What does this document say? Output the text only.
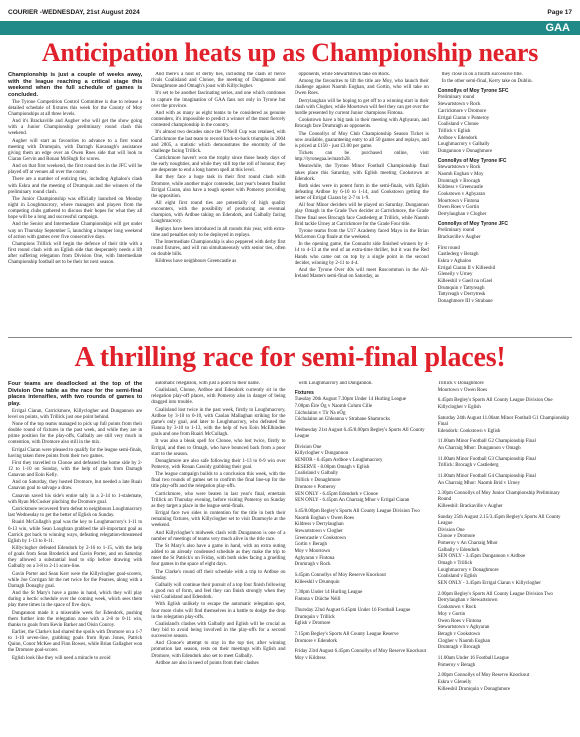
COURIER -WEDNESDAY, 21st August 2024	Page 17
GAA
Anticipation heats up as Championship nears

Championship is just a couple of weeks away, with the league reaching a critical stage this weekend when the full schedule of games is concluded.

The Tyrone Competition Control Committee is due to release a detailed schedule of fixtures this week for the County of Moy Championships at all three levels.

And it's Brackaville and Augher who will get the show going with a Junior Championship preliminary round clash this weekend.

Augher will start as favourites to advance to a first round meeting with Drumquin, with Darragh Kavanagh's assistance giving them an edge over an Owen Roes side that will look to Ciaran Gervin and Ronan McHugh for scores.

And on that first weekend, the first round ties in the JFC will be played off at venues all over the county.

There are a number of enticing ties, including Aghaloo's clash with Eskra and the meeting of Drumquin and the winners of the preliminary round clash.

The Junior Championship was officially launched on Monday night in Loughmacrory, where managers and players from the competing clubs gathered to discuss their hopes for what they all hope will be a long and successful campaign.

And the Senior and Intermediate Championships will get under way on Thursday September 5, launching a bumper long weekend of action with games over five consecutive days.

Champions Trillick will begin the defence of their title with a first round clash with an Eglish side that desperately needs a lift after suffering relegation from Division One, with Intermediate Championship football set to be their lot next season.

And there's a host of derby ties, including the clash of fierce rivals Coalisland and Clonoe, the meeting of Dungannon and Donaghmore and Omagh's joust with Killyclogher.

It's set to be another fascinating series, and one which continues to capture the imagination of GAA fans not only in Tyrone but over the province.

And with as many as eight teams to be considered as genuine contenders, it's impossible to predict a winner of the most fiercely contested championship in the country.

It's almost two decades since the O'Neill Cup was retained, with Carrickmore the last team to record back-to-back triumphs in 2004 and 2005, a statistic which demonstrates the enormity of the challenge facing Trillick.

Carrickmore haven't won the trophy since those heady days of the early noughties, and while they still top the roll of honour, they are desperate to end a long barren spell at this level.

But they face a huge task in their first round clash with Dromore, while another major contender, last year's beaten finalist Errigal Ciaran, also have a tough opener with Pomeroy providing the opposition.

All eight first round ties are potentially of high quality encounters, with the possibility of producing an eventual champion, with Ardboe taking on Edendork, and Galbally facing Loughmacrory.

Replays have been introduced in all rounds this year, with extra-time and penalties only to be deployed in replays.

The Intermediate Championship is also peppered with derby first round fixtures, and will run simultaneously with senior ties, often on double bills.

Kildress have neighbours Greencastle as

opponents, while Stewartstown take on Rock.

Among the favourites to lift the title are Moy, who launch their challenge against Naomh Eoghan, and Gortin, who will take on Owen Roes.

Derrylaughan will be hoping to get off to a winning start in their clash with Clogher, while Moortown will feel they can get over the hurdle presented by current Junior champions Fintona.

Cookstown have a big task in their meeting with Aghyaran, and Brocagh face Drumragh as opponents.

The Connollys of Moy Club Championship Season Ticket is now available, guaranteeing entry to all 50 games and replays, and is priced at £150 - just £3.00 per game.

Tickets can be purchased online, visit http://tyronegaa.ie/match28.

Meanwhile, the Tyrone Minor Football Championship final takes place this Saturday, with Eglish meeting Cookstown at Edendork.

Both sides were in potent form in the semi-finals, with Eglish defeating Ardboe by 6-10 to 1-14, and Cookstown getting the better of Errigal Ciaran by 2-7 to 1-9.

All four Minor deciders will be played on Saturday. Dungannon play Omagh in the Grade Two decider at Carrickmore, the Grade Three final sees Brocagh face Castlederg at Trillick, while Naomh Brid tackle Urney at Carrickmore for the Grade Four title.

Tyrone teams from the U17 Academy faced Mayo in the Brian McLernon Cup finale at the weekend.

In the opening game, the Connacht side finished winners by 4-14 to 4-13 at the end of an extra-time thriller, but it was the Red Hands who came out on top by a single point in the second decider, winning by 2-11 to 4-4.

And the Tyrone Over 40s will meet Roscommon in the All-Ireland Masters semi-final on Saturday, as

they close in on a fourth successive title.

In the other semi-final, Kerry take on Dublin.

Connollys of Moy Tyrone SFC

Preliminary round

Stewartstown v Rock

Carrickmore v Dromore

Errigal Ciaran v Pomeroy

Coalisland v Clonoe

Trillick v Eglish

Ardboe v Edendork

Loughmacrory v Galbally

Dungannon v Donaghmore

Connollys of Moy Tyrone IFC

Stewartstown v Rock

Naomh Eoghan v Moy

Drumragh v Brocagh

Kildress v Greencastle

Cookstown v Aghyaran

Moortown v Fintona

Owen Roes v Gortin

Derrylaughan v Clogher

Connollys of Moy Tyrone JFC

Preliminary round

Brackaville v Augher

First round

Castlederg v Beragh

Eskra v Aghaloo

Errigal Ciaran II v Killeeshil

Gleneily v Urney

Killeeshil v Gaeil na nGael

Drumquin v Tattyreagh

Tattyreagh v Derrytresk

Donaghmore III v Strabane

A thrilling race for semi-final places!

Four teams are deadlocked at the top of the Division One table as the race for the semi-final places intensifies, with two rounds of games to play.

Errigal Ciaran, Carrickmore, Killyclogher and Dungannon are level on points, with Trillick just one point behind.

None of the top teams managed to pick up full points from their double round of fixtures in the past week, and while they are in prime position for the play-offs, Galbally are still very much in contention, with Dromore also still in the mix.

Errigal Ciaran were pleased to qualify for the league semi-finals, having taken three points from their two games.

First they travelled to Clonoe and defeated the home side by 2-12 to 1-10 on Sunday, with the help of goals from Darragh Canavan and Eoin Kelly.

And on Saturday, they hosted Dromore, but needed a late Ruair Canavan goal to salvage a draw.

Canavan saved his side's entire tally in a 2-14 to 1-stalemate, with Ryan McCusker pinching the Dromore goal.

Carrickmore recovered from defeat to neighbours Loughmacrory last Wednesday to get the better of Eglish on Sunday.

Ruairi McCullagh's goal was the key to Loughmacrory's 1-11 to 0-13 win, while Sean Loughran grabbed the all-important goal as Carrick got back to winning ways, defeating relegation-threatened Eglish by 1-13 to 0-11.

Killyclogher defeated Edendork by 2-16 to 1-15, with the help of goals from Sean Broderick and Gavin Porter, and on Saturday they allowed a substantial lead to slip before drawing with Galbally on a 3-8 to 2-11 score-line.

Gavin Porter and Sean Kerr were the Killyclogher goal-scorers, while Joe Corrigan hit the net twice for the Pearses, along with a Darragh Donaghy goal.

And the St Mary's have a game in hand, which they will play during a hectic schedule over the coming week, which sees them play three times in the space of five days.

Dungannon made it a miserable week for Edendork, pushing them further into the relegation zone with a 2-8 to 0-11 win, thanks to goals from Kevin Barker and Oisin Conroy.

Earlier, the Clarke's had shared the spoils with Dromore on a 1-7 to 1-10 seven-line, grabbing goals from Ryan Jones, Patrick Quinn, Conor McKee and Finn Bowes, while Brian Gallagher won the Dromore goal-scorer.

Eglish look like they will need a miracle to avoid

automatic relegation, with just a point to their name.

Coalisland, Clonoe, Ardboe and Edendork currently sit in the relegation play-off places, with Pomeroy also in danger of being dragged into trouble.

Coalisland lost twice in the past week, firstly to Loughmacrory, Ardboe by 3-10 to 0-10, with Caolan Mallaghan striking for the game's only goal, and later to Loughmacrory, who defeated the Fianna by 3-10 to 1-13, with the help of two Eoin McElhinden goals and one from Ruairi McCullagh.

It was also a bleak spell for Clonoe, who lost twice, firstly to Errigal, and then to Omagh, who have bounced back from a poor start to the season.

Donaghmore are also safe following their 1-13 to 0-9 win over Pomeroy, with Ronan Cassidy grabbing their goal.

The league campaign builds to a conclusion this week, with the final two rounds of games set to confirm the final line-up for the title play-offs and the relegation play-offs.

Carrickmore, who were beaten in last year's final, entertain Trillick on Thursday evening, before visiting Pomeroy on Sunday as they target a place in the league semi-finals.

Errigal face two sides in contention for the title in both their remaining fixtures, with Killyclogher set to visit Dunmoyle at the weekend.

And Killyclogher's midweek clash with Dungannon is one of a number of meetings of teams very much alive in the title race.

The St Mary's also have a game in hand, with an extra outing added to an already condensed schedule as they make the trip to meet the St Patrick's on Friday, with both sides facing a gruelling four games in the space of eight days.

The Clarke's round off their schedule with a trip to Ardboe on Sunday.

Galbally will continue their pursuit of a top four finish following a good run of form, and feel they can finish strongly when they visit Coalisland and Edendork.

With Eglish unlikely to escape the automatic relegation spot, four more clubs will find themselves in a battle to dodge the drop in the relegation play-offs.

Coalisland's clashes with Galbally and Eglish will be crucial as they bid to avoid being involved in the play-offs for a second successive season.

And Clonoe's attempt to stay in the top tier, after winning promotion last season, rests on their meetings with Eglish and Dromore, with Edendork also set to meet Galbally.

Ardboe are also in need of points from their clashes

with Loughmacrory and Dungannon.

Fixtures

Tuesday 20th August 7.30pm Under 14 Hurling League

7.00pm Éire Óg v Naomh Colum Cille

Cúchulainn v Tír Na nÓg

Cúchulainn an Ghleanna v Strabane Shamrocks

Wednesday 21st August 6.45/8.00pm Begley's Sports All County League

Division One

Killyclogher v Dungannon

SENIOR - 6.45pm Ardboe v Loughmacrory

RESERVE - 8.00pm Omagh v Eglish

Coalisland v Galbally

Trillick v Donaghmore

Dromore v Pomeroy

SEN ONLY - 6.45pm Edendork v Clonoe

SEN ONLY - 6.45pm An Charraig Mhor v Errigal Ciaran

6.45/8.00pm Begley's Sports All County League Division Two

Naomh Eoghan v Owen Roes

Kildress v Derrylaughan

Stewartstown v Clogher

Greencastle v Cookstown

Gortin v Beragh

Moy v Moortown

Aghyaran v Fintona

Drumragh v Rock

6.45pm Connollys of Moy Reserve Knockout

Killeeshil v Drumquin

7.30pm Under 14 Hurling League

Fintona v Dúiche Néill

Thursday 22nd August 6.45pm Under 16 Football League

Drumquin v Trillick

Eglish v Dromore

7.15pm Begley's Sports All County League Reserve

Dromore v Edendork

Friday 23rd August 6.45pm Connollys of Moy Reserve Knockout

Moy v Kildress

Trillick v Donaghmore

Moortown v Owen Roes

6.45pm Begley's Sports All County League Division One

Killyclogher v Eglish

Saturday 24th August 11.00am Minor Football G1 Championship Final

Edendork: Cookstown v Eglish

11.00am Minor Football G2 Championship Final

An Charraig Mhor: Dungannon v Omagh

11.00am Minor Football G3 Championship Final

Trillick: Brocagh v Castlederg

11.00am Minor Football G4 Championship Final

An Charraig Mhor: Naomh Brid v Urney

2.30pm Connollys of Moy Junior Championship Preliminary Round

Killeeshil: Brackaville v Augher

Sunday 25th August 2.15/3.45pm Begley's Sports All County League

Division One

Clonoe v Dromore

Pomeroy v An Charraig Mhor

Galbally v Edendork

SEN ONLY - 3.45pm Dungannon v Ardboe

Omagh v Trillick

Loughmacrory v Donaghmore

Coalisland v Eglish

SEN ONLY - 3.45pm Errigal Ciaran v Killyclogher

2.00pm Begley's Sports All County League Division Two

Derrylaughan v Stewartstown

Cookstown v Rock

Moy v Gortin

Owen Roes v Fintona

Stewartstown v Aghyaran

Beragh v Cookstown

Clogher v Naomh Eoghan

Drumragh v Brocagh

11.00am Under 16 Football League

Pomeroy v Beragh

2.00pm Connollys of Moy Reserve Knockout

Eskra v Gleneily

Killeeshil Drumquin v Donaghmore
